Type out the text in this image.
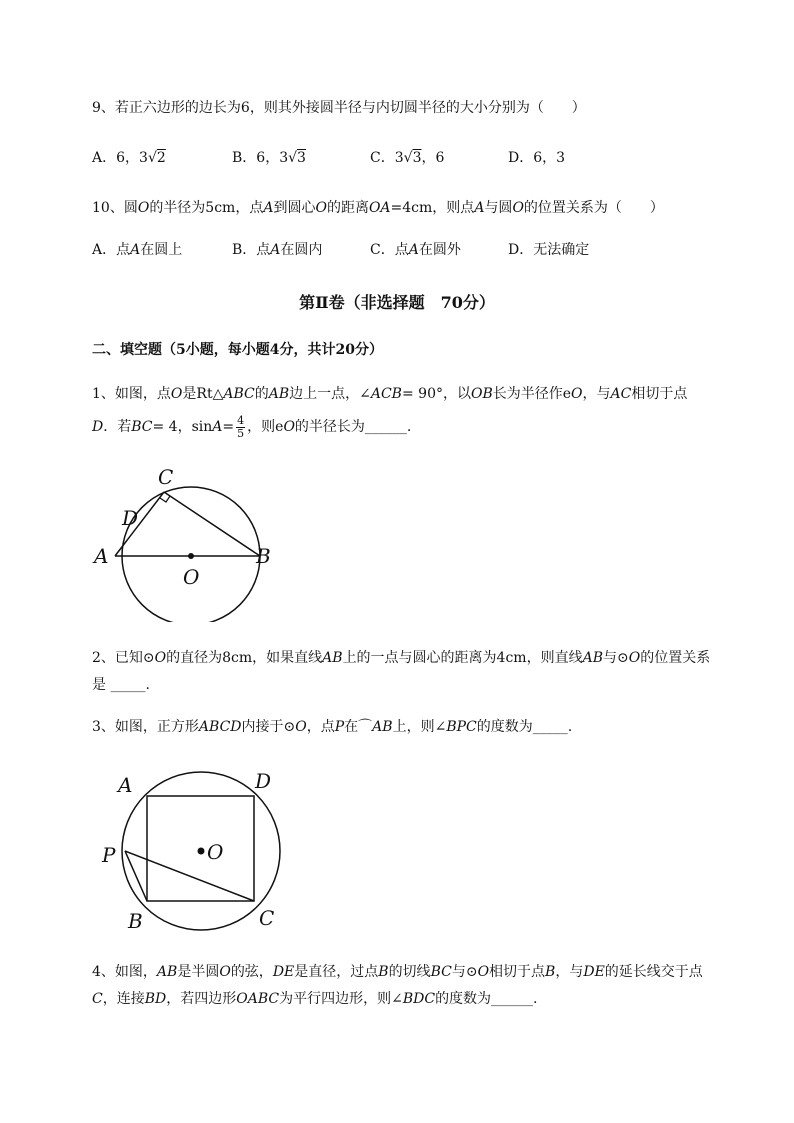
9、若正六边形的边长为6，则其外接圆半径与内切圆半径的大小分别为（　　）
A．6，3√2	B．6，3√3	C．3√3，6	D．6，3
10、圆O的半径为5cm，点A到圆心O的距离OA=4cm，则点A与圆O的位置关系为（　　）
A．点A在圆上	B．点A在圆内	C．点A在圆外	D．无法确定
第Ⅱ卷（非选择题　70分）
二、填空题（5小题，每小题4分，共计20分）
1、如图，点O是Rt△ABC的AB边上一点，∠ACB= 90°，以OB长为半径作eO，与AC相切于点
D．若BC= 4，$\sin A= \frac{4}{5}$ ，则eO的半径长为______.
C
D
A	B
O
2、已知⊙O的直径为8cm，如果直线AB上的一点与圆心的距离为4cm，则直线AB与⊙O的位置关系
是 _____.
3、如图，正方形ABCD内接于⊙O，点P在⌒AB上，则∠BPC的度数为_____.
A	D
P	O
B	C
4、如图，AB是半圆O的弦，DE是直径，过点B的切线BC与⊙O相切于点B，与DE的延长线交于点
C，连接BD，若四边形OABC为平行四边形，则∠BDC的度数为______.
